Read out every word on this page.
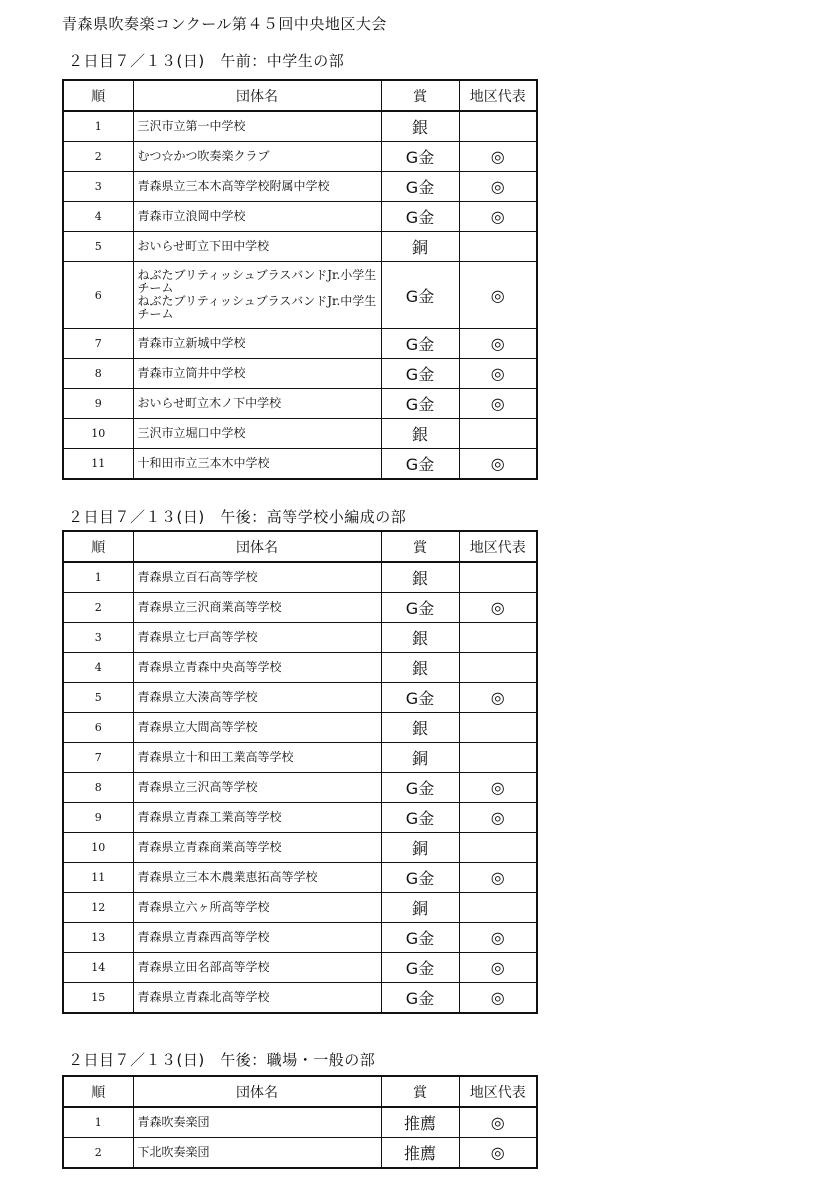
青森県吹奏楽コンクール第４５回中央地区大会
２日目７／１３(日)　午前：中学生の部
順	団体名	賞	地区代表
1	三沢市立第一中学校	銀	
2	むつ☆かつ吹奏楽クラブ	G金	◎
3	青森県立三本木高等学校附属中学校	G金	◎
4	青森市立浪岡中学校	G金	◎
5	おいらせ町立下田中学校	銅	
6	ねぶたブリティッシュブラスバンドJr.小学生チーム
ねぶたブリティッシュブラスバンドJr.中学生チーム	G金	◎
7	青森市立新城中学校	G金	◎
8	青森市立筒井中学校	G金	◎
9	おいらせ町立木ノ下中学校	G金	◎
10	三沢市立堀口中学校	銀	
11	十和田市立三本木中学校	G金	◎
２日目７／１３(日)　午後：高等学校小編成の部
順	団体名	賞	地区代表
1	青森県立百石高等学校	銀	
2	青森県立三沢商業高等学校	G金	◎
3	青森県立七戸高等学校	銀	
4	青森県立青森中央高等学校	銀	
5	青森県立大湊高等学校	G金	◎
6	青森県立大間高等学校	銀	
7	青森県立十和田工業高等学校	銅	
8	青森県立三沢高等学校	G金	◎
9	青森県立青森工業高等学校	G金	◎
10	青森県立青森商業高等学校	銅	
11	青森県立三本木農業恵拓高等学校	G金	◎
12	青森県立六ヶ所高等学校	銅	
13	青森県立青森西高等学校	G金	◎
14	青森県立田名部高等学校	G金	◎
15	青森県立青森北高等学校	G金	◎
２日目７／１３(日)　午後：職場・一般の部
順	団体名	賞	地区代表
1	青森吹奏楽団	推薦	◎
2	下北吹奏楽団	推薦	◎
